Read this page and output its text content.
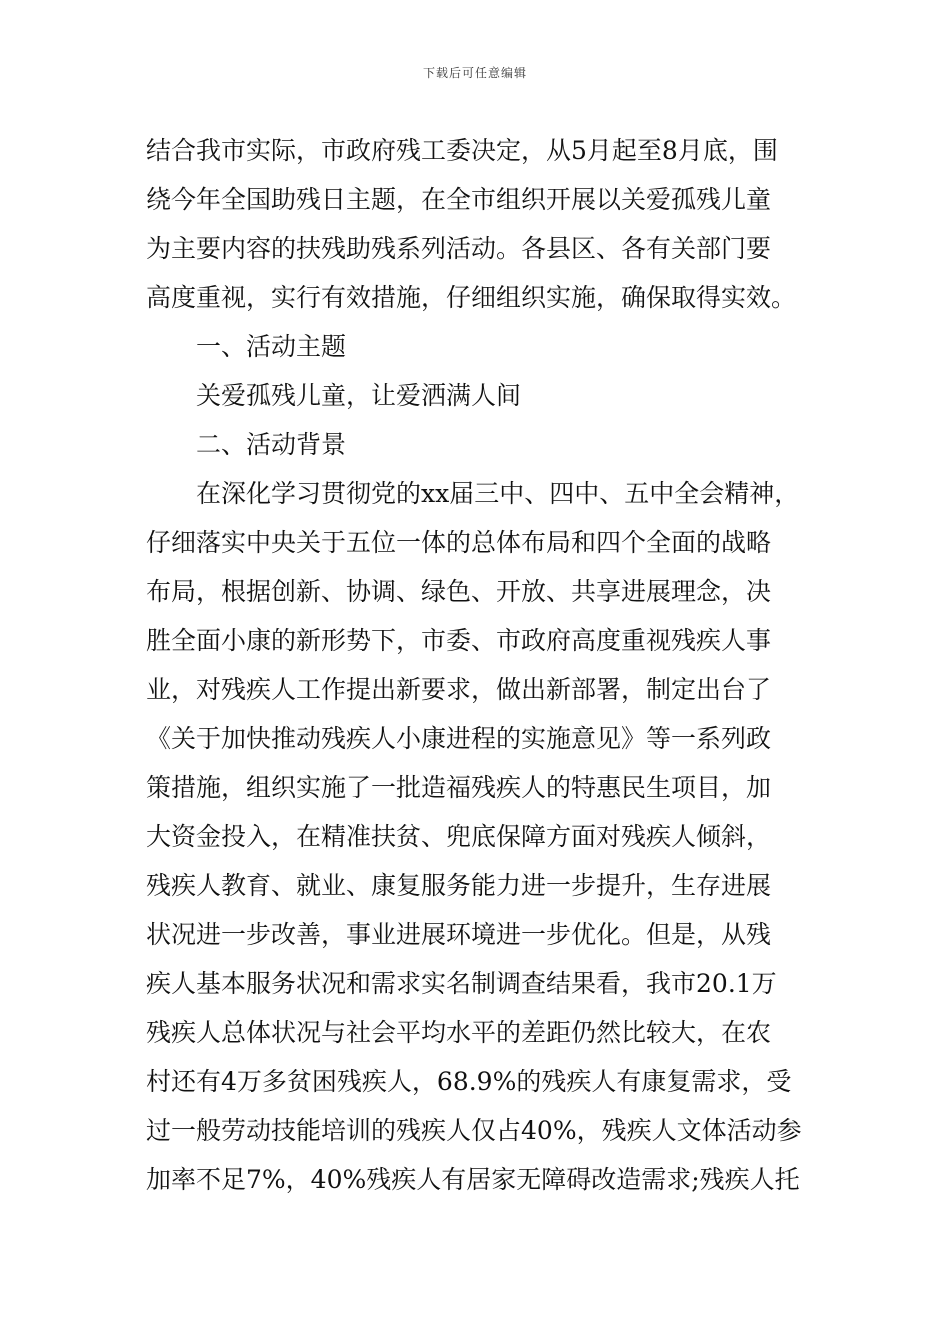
下载后可任意编辑
结合我市实际，市政府残工委决定，从5月起至8月底，围
绕今年全国助残日主题，在全市组织开展以关爱孤残儿童
为主要内容的扶残助残系列活动。各县区、各有关部门要
高度重视，实行有效措施，仔细组织实施，确保取得实效。
一、活动主题
关爱孤残儿童，让爱洒满人间
二、活动背景
在深化学习贯彻党的xx届三中、四中、五中全会精神，
仔细落实中央关于五位一体的总体布局和四个全面的战略
布局，根据创新、协调、绿色、开放、共享进展理念，决
胜全面小康的新形势下，市委、市政府高度重视残疾人事
业，对残疾人工作提出新要求，做出新部署，制定出台了
《关于加快推动残疾人小康进程的实施意见》等一系列政
策措施，组织实施了一批造福残疾人的特惠民生项目，加
大资金投入，在精准扶贫、兜底保障方面对残疾人倾斜，
残疾人教育、就业、康复服务能力进一步提升，生存进展
状况进一步改善，事业进展环境进一步优化。但是，从残
疾人基本服务状况和需求实名制调查结果看，我市20.1万
残疾人总体状况与社会平均水平的差距仍然比较大，在农
村还有4万多贫困残疾人，68.9%的残疾人有康复需求，受
过一般劳动技能培训的残疾人仅占40%，残疾人文体活动参
加率不足7%，40%残疾人有居家无障碍改造需求;残疾人托
